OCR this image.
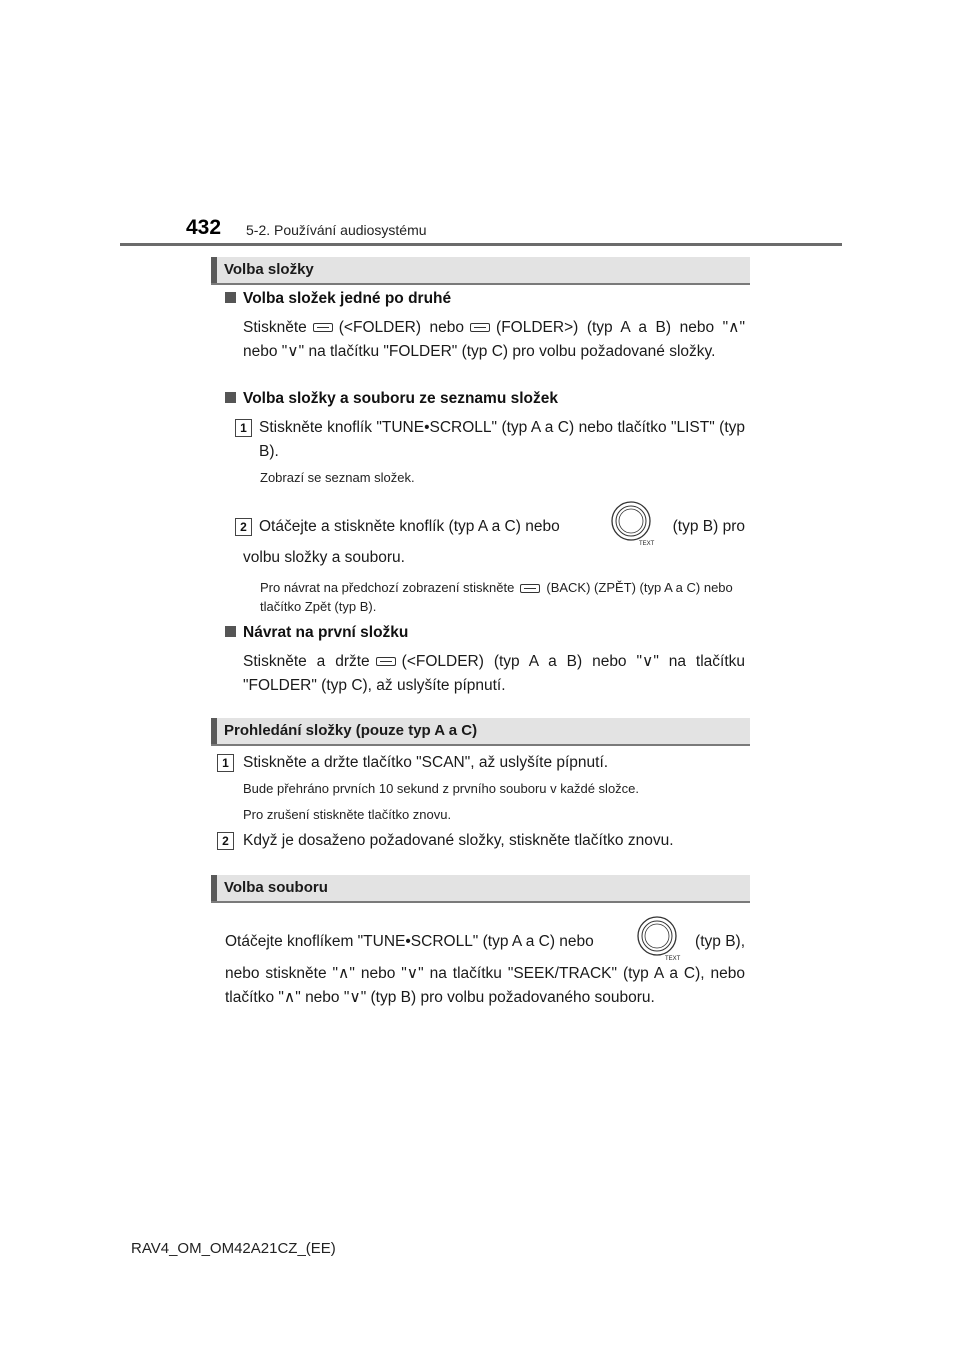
432 5-2. Používání audiosystému
Volba složky
Volba složek jedné po druhé
Stiskněte (<FOLDER) nebo (FOLDER>) (typ A a B) nebo "∧" nebo "∨" na tlačítku "FOLDER" (typ C) pro volbu požadované složky.
Volba složky a souboru ze seznamu složek
1 Stiskněte knoflík "TUNE•SCROLL" (typ A a C) nebo tlačítko "LIST" (typ B).
Zobrazí se seznam složek.
2 Otáčejte a stiskněte knoflík (typ A a C) nebo	(typ B) pro
volbu složky a souboru.
TEXT
Pro návrat na předchozí zobrazení stiskněte (BACK) (ZPĚT) (typ A a C) nebo tlačítko Zpět (typ B).
Návrat na první složku
Stiskněte a držte (<FOLDER) (typ A a B) nebo "∨" na tlačítku "FOLDER" (typ C), až uslyšíte pípnutí.
Prohledání složky (pouze typ A a C)
1 Stiskněte a držte tlačítko "SCAN", až uslyšíte pípnutí.
Bude přehráno prvních 10 sekund z prvního souboru v každé složce.
Pro zrušení stiskněte tlačítko znovu.
2 Když je dosaženo požadované složky, stiskněte tlačítko znovu.
Volba souboru
Otáčejte knoflíkem "TUNE•SCROLL" (typ A a C) nebo	(typ B),
TEXT
nebo stiskněte "∧" nebo "∨" na tlačítku "SEEK/TRACK" (typ A a C), nebo tlačítko "∧" nebo "∨" (typ B) pro volbu požadovaného souboru.
RAV4_OM_OM42A21CZ_(EE)
